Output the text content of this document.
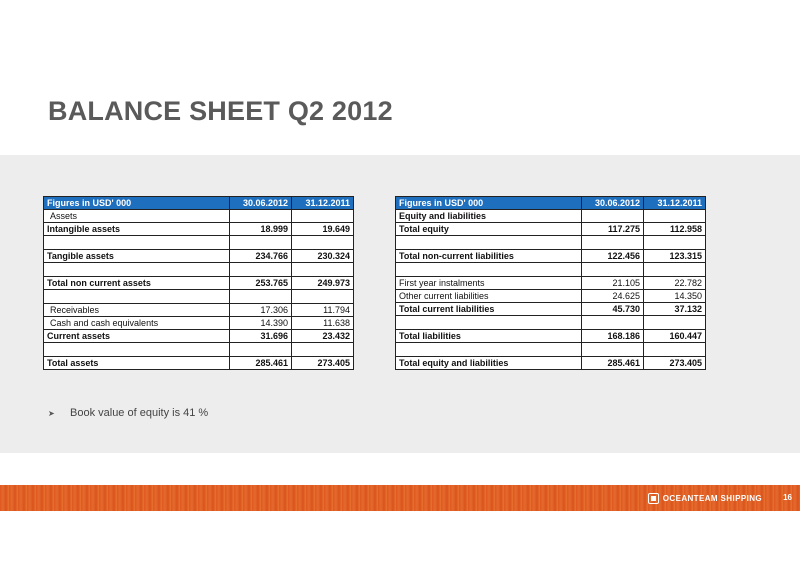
BALANCE SHEET Q2 2012
Figures in USD' 000	30.06.2012	31.12.2011
Assets		
Intangible assets	18.999	19.649

Tangible assets	234.766	230.324

Total non current assets	253.765	249.973

Receivables	17.306	11.794
Cash and cash equivalents	14.390	11.638
Current assets	31.696	23.432

Total assets	285.461	273.405
Figures in USD' 000	30.06.2012	31.12.2011
Equity and liabilities		
Total equity	117.275	112.958

Total non-current liabilities	122.456	123.315

First year instalments	21.105	22.782
Other current liabilities	24.625	14.350
Total current liabilities	45.730	37.132

Total liabilities	168.186	160.447

Total equity and liabilities	285.461	273.405
➤ Book value of equity is 41 %
OCEANTEAM SHIPPING	16
